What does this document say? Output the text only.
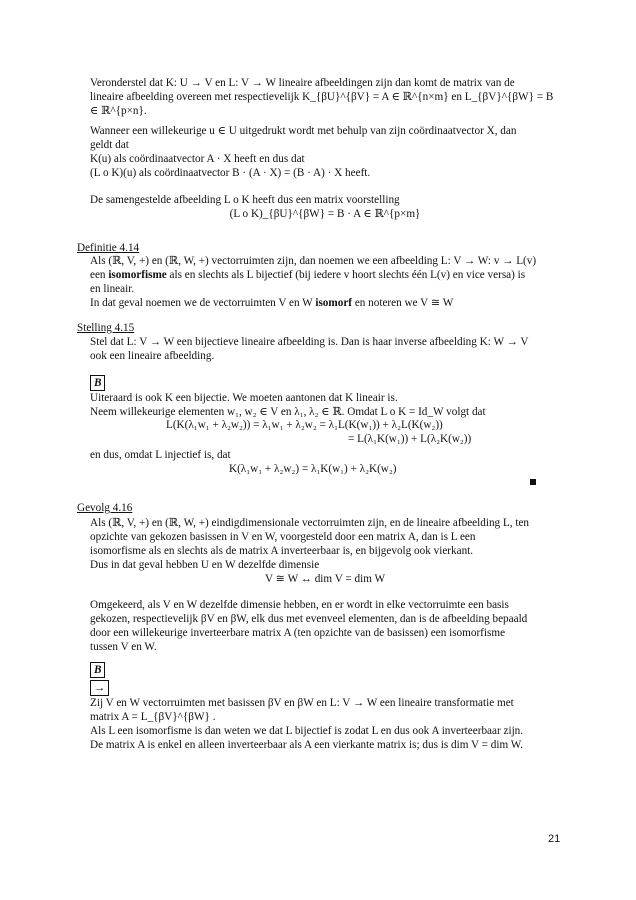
Veronderstel dat K: U → V en L: V → W lineaire afbeeldingen zijn dan komt de matrix van de

lineaire afbeelding overeen met respectievelijk K_{βU}^{βV} = A ∈ ℝ^{n×m} en L_{βV}^{βW} = B ∈ ℝ^{p×n}.

Wanneer een willekeurige u ∈ U uitgedrukt wordt met behulp van zijn coördinaatvector X, dan

geldt dat

K(u) als coördinaatvector A · X heeft en dus dat

(L o K)(u) als coördinaatvector B · (A · X) = (B · A) · X heeft.

De samengestelde afbeelding L o K heeft dus een matrix voorstelling

(L o K)_{βU}^{βW} = B · A ∈ ℝ^{p×m}

Definitie 4.14

Als (ℝ, V, +) en (ℝ, W, +) vectorruimten zijn, dan noemen we een afbeelding L: V → W: v → L(v)

een isomorfisme als en slechts als L bijectief (bij iedere v hoort slechts één L(v) en vice versa) is

en lineair.

In dat geval noemen we de vectorruimten V en W isomorf en noteren we V ≅ W

Stelling 4.15

Stel dat L: V → W een bijectieve lineaire afbeelding is. Dan is haar inverse afbeelding K: W → V

ook een lineaire afbeelding.

B

Uiteraard is ook K een bijectie. We moeten aantonen dat K lineair is.

Neem willekeurige elementen w₁, w₂ ∈ V en λ₁, λ₂ ∈ ℝ. Omdat L o K = Id_W volgt dat

L(K(λ₁w₁ + λ₂w₂)) = λ₁w₁ + λ₂w₂ = λ₁L(K(w₁)) + λ₂L(K(w₂))
= L(λ₁K(w₁)) + L(λ₂K(w₂))
en dus, omdat L injectief is, dat
K(λ₁w₁ + λ₂w₂) = λ₁K(w₁) + λ₂K(w₂)
Gevolg 4.16

Als (ℝ, V, +) en (ℝ, W, +) eindigdimensionale vectorruimten zijn, en de lineaire afbeelding L, ten

opzichte van gekozen basissen in V en W, voorgesteld door een matrix A, dan is L een

isomorfisme als en slechts als de matrix A inverteerbaar is, en bijgevolg ook vierkant.

Dus in dat geval hebben U en W dezelfde dimensie

V ≅ W ↔ dim V = dim W

Omgekeerd, als V en W dezelfde dimensie hebben, en er wordt in elke vectorruimte een basis

gekozen, respectievelijk βV en βW, elk dus met evenveel elementen, dan is de afbeelding bepaald

door een willekeurige inverteerbare matrix A (ten opzichte van de basissen) een isomorfisme

tussen V en W.

B
→

Zij V en W vectorruimten met basissen βV en βW en L: V → W een lineaire transformatie met

matrix A = L_{βV}^{βW} .

Als L een isomorfisme is dan weten we dat L bijectief is zodat L en dus ook A inverteerbaar zijn.

De matrix A is enkel en alleen inverteerbaar als A een vierkante matrix is; dus is dim V = dim W.

21
